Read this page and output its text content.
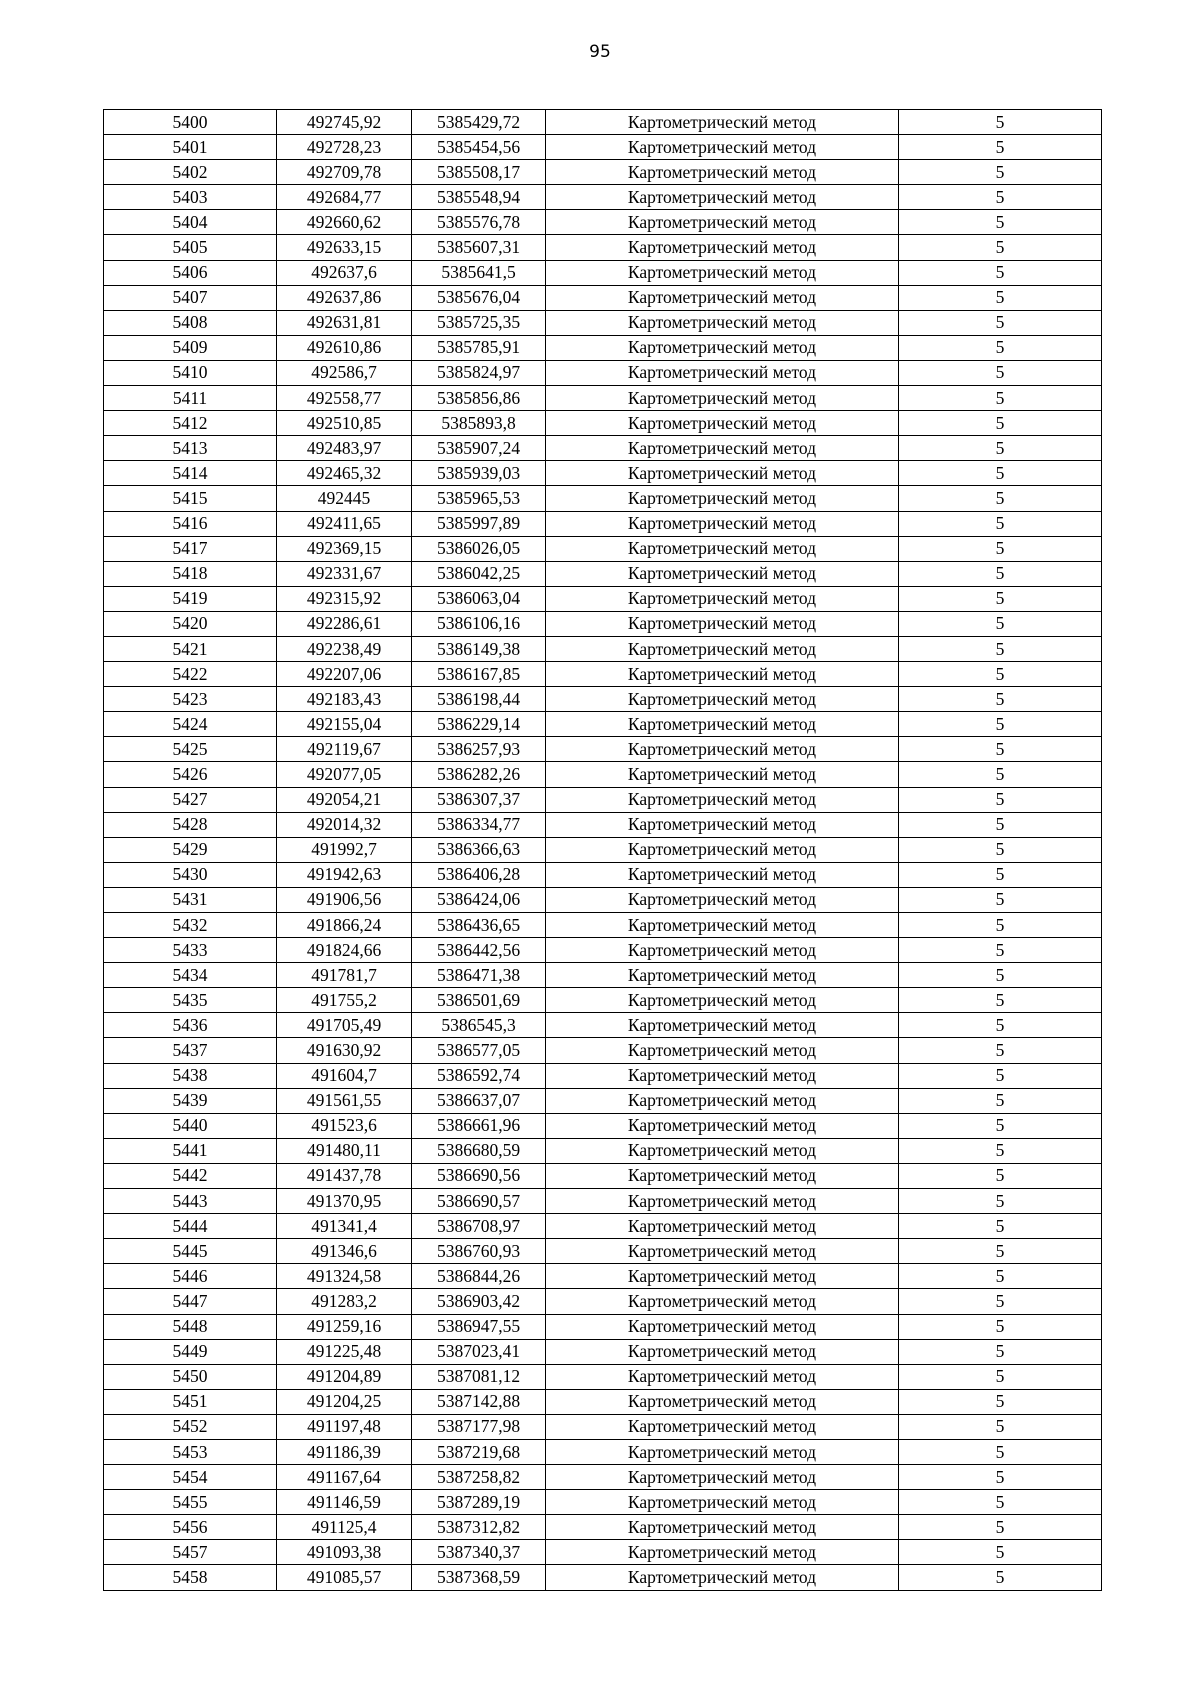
95
5400	492745,92	5385429,72	Картометрический метод	5
5401	492728,23	5385454,56	Картометрический метод	5
5402	492709,78	5385508,17	Картометрический метод	5
5403	492684,77	5385548,94	Картометрический метод	5
5404	492660,62	5385576,78	Картометрический метод	5
5405	492633,15	5385607,31	Картометрический метод	5
5406	492637,6	5385641,5	Картометрический метод	5
5407	492637,86	5385676,04	Картометрический метод	5
5408	492631,81	5385725,35	Картометрический метод	5
5409	492610,86	5385785,91	Картометрический метод	5
5410	492586,7	5385824,97	Картометрический метод	5
5411	492558,77	5385856,86	Картометрический метод	5
5412	492510,85	5385893,8	Картометрический метод	5
5413	492483,97	5385907,24	Картометрический метод	5
5414	492465,32	5385939,03	Картометрический метод	5
5415	492445	5385965,53	Картометрический метод	5
5416	492411,65	5385997,89	Картометрический метод	5
5417	492369,15	5386026,05	Картометрический метод	5
5418	492331,67	5386042,25	Картометрический метод	5
5419	492315,92	5386063,04	Картометрический метод	5
5420	492286,61	5386106,16	Картометрический метод	5
5421	492238,49	5386149,38	Картометрический метод	5
5422	492207,06	5386167,85	Картометрический метод	5
5423	492183,43	5386198,44	Картометрический метод	5
5424	492155,04	5386229,14	Картометрический метод	5
5425	492119,67	5386257,93	Картометрический метод	5
5426	492077,05	5386282,26	Картометрический метод	5
5427	492054,21	5386307,37	Картометрический метод	5
5428	492014,32	5386334,77	Картометрический метод	5
5429	491992,7	5386366,63	Картометрический метод	5
5430	491942,63	5386406,28	Картометрический метод	5
5431	491906,56	5386424,06	Картометрический метод	5
5432	491866,24	5386436,65	Картометрический метод	5
5433	491824,66	5386442,56	Картометрический метод	5
5434	491781,7	5386471,38	Картометрический метод	5
5435	491755,2	5386501,69	Картометрический метод	5
5436	491705,49	5386545,3	Картометрический метод	5
5437	491630,92	5386577,05	Картометрический метод	5
5438	491604,7	5386592,74	Картометрический метод	5
5439	491561,55	5386637,07	Картометрический метод	5
5440	491523,6	5386661,96	Картометрический метод	5
5441	491480,11	5386680,59	Картометрический метод	5
5442	491437,78	5386690,56	Картометрический метод	5
5443	491370,95	5386690,57	Картометрический метод	5
5444	491341,4	5386708,97	Картометрический метод	5
5445	491346,6	5386760,93	Картометрический метод	5
5446	491324,58	5386844,26	Картометрический метод	5
5447	491283,2	5386903,42	Картометрический метод	5
5448	491259,16	5386947,55	Картометрический метод	5
5449	491225,48	5387023,41	Картометрический метод	5
5450	491204,89	5387081,12	Картометрический метод	5
5451	491204,25	5387142,88	Картометрический метод	5
5452	491197,48	5387177,98	Картометрический метод	5
5453	491186,39	5387219,68	Картометрический метод	5
5454	491167,64	5387258,82	Картометрический метод	5
5455	491146,59	5387289,19	Картометрический метод	5
5456	491125,4	5387312,82	Картометрический метод	5
5457	491093,38	5387340,37	Картометрический метод	5
5458	491085,57	5387368,59	Картометрический метод	5
